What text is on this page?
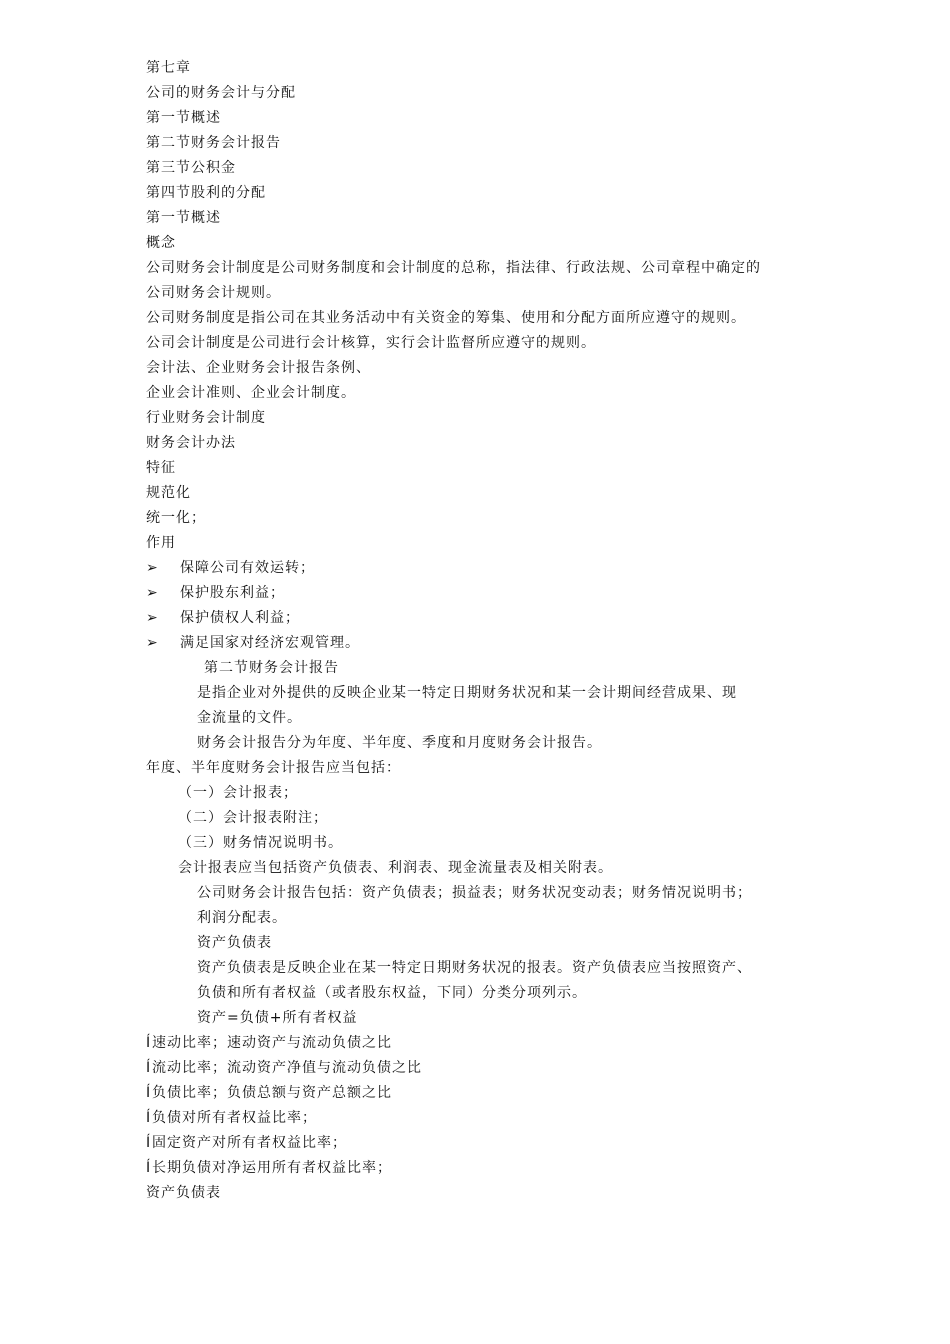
第七章
公司的财务会计与分配
第一节概述
第二节财务会计报告
第三节公积金
第四节股利的分配
第一节概述
概念
公司财务会计制度是公司财务制度和会计制度的总称，指法律、行政法规、公司章程中确定的
公司财务会计规则。
公司财务制度是指公司在其业务活动中有关资金的筹集、使用和分配方面所应遵守的规则。
公司会计制度是公司进行会计核算，实行会计监督所应遵守的规则。
会计法、企业财务会计报告条例、
企业会计准则、企业会计制度。
行业财务会计制度
财务会计办法
特征
规范化
统一化；
作用
➢ 保障公司有效运转；
➢ 保护股东利益；
➢ 保护债权人利益；
➢ 满足国家对经济宏观管理。
第二节财务会计报告
是指企业对外提供的反映企业某一特定日期财务状况和某一会计期间经营成果、现
金流量的文件。
财务会计报告分为年度、半年度、季度和月度财务会计报告。
年度、半年度财务会计报告应当包括：
（一）会计报表；
（二）会计报表附注；
（三）财务情况说明书。
会计报表应当包括资产负债表、利润表、现金流量表及相关附表。
公司财务会计报告包括：资产负债表；损益表；财务状况变动表；财务情况说明书；
利润分配表。
资产负债表
资产负债表是反映企业在某一特定日期财务状况的报表。资产负债表应当按照资产、
负债和所有者权益（或者股东权益，下同）分类分项列示。
资产=负债+所有者权益
Í 速动比率；速动资产与流动负债之比
Í 流动比率；流动资产净值与流动负债之比
Í 负债比率；负债总额与资产总额之比
Í 负债对所有者权益比率；
Í 固定资产对所有者权益比率；
Í 长期负债对净运用所有者权益比率；
资产负债表
